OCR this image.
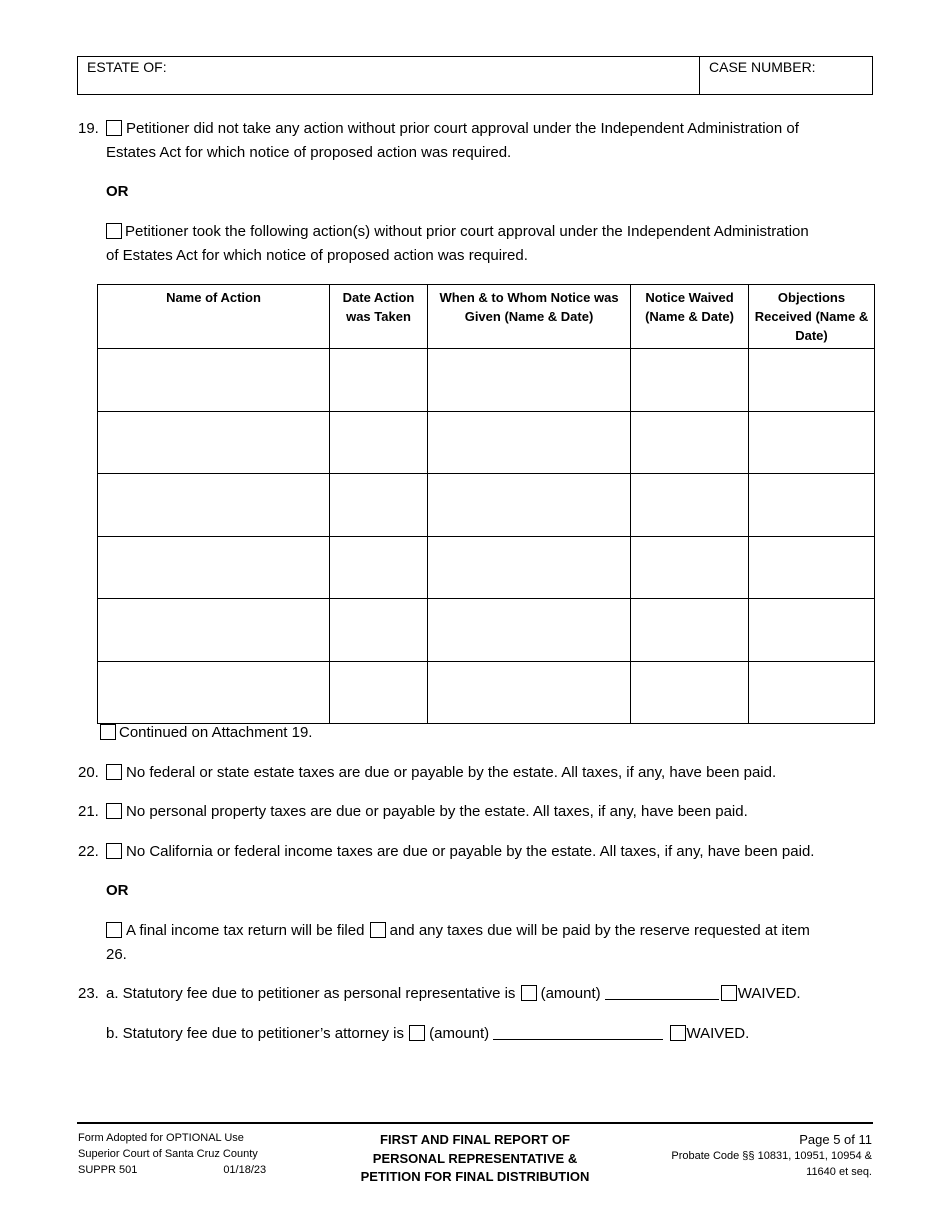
ESTATE OF:	CASE NUMBER:
19. Petitioner did not take any action without prior court approval under the Independent Administration of
Estates Act for which notice of proposed action was required.
OR
Petitioner took the following action(s) without prior court approval under the Independent Administration
of Estates Act for which notice of proposed action was required.
Name of Action	Date Action was Taken	When & to Whom Notice was Given (Name & Date)	Notice Waived (Name & Date)	Objections Received (Name & Date)

Continued on Attachment 19.
20. No federal or state estate taxes are due or payable by the estate. All taxes, if any, have been paid.
21. No personal property taxes are due or payable by the estate. All taxes, if any, have been paid.
22. No California or federal income taxes are due or payable by the estate. All taxes, if any, have been paid.
OR
A final income tax return will be filed and any taxes due will be paid by the reserve requested at item
26.
23. a. Statutory fee due to petitioner as personal representative is (amount)	WAIVED.
b. Statutory fee due to petitioner’s attorney is (amount)	WAIVED.
Form Adopted for OPTIONAL Use
Superior Court of Santa Cruz County
SUPPR 501	01/18/23
FIRST AND FINAL REPORT OF
PERSONAL REPRESENTATIVE &
PETITION FOR FINAL DISTRIBUTION
Page 5 of 11
Probate Code §§ 10831, 10951, 10954 &
11640 et seq.
